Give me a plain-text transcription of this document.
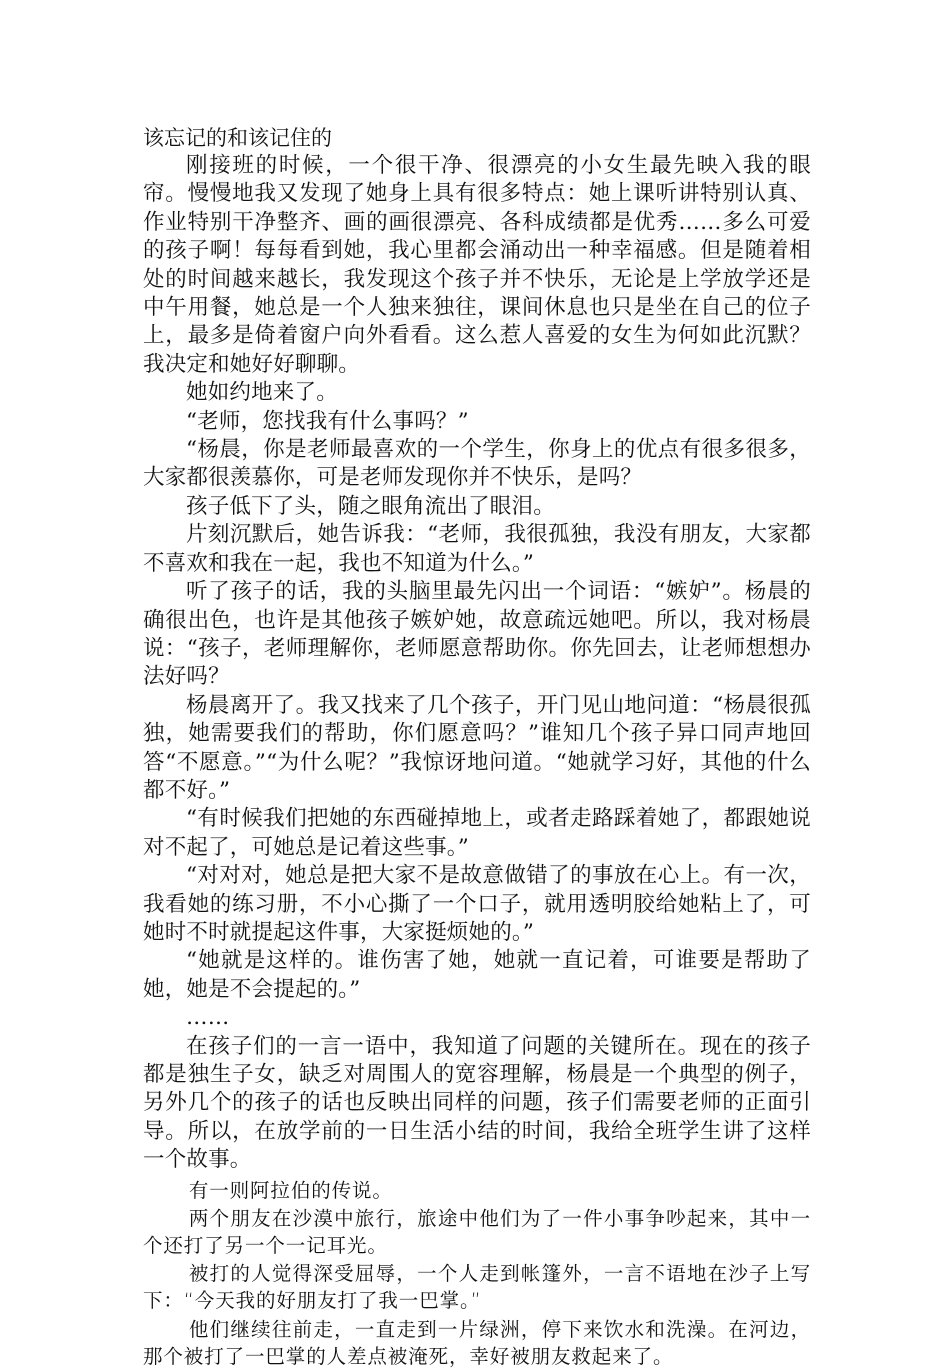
该忘记的和该记住的

刚接班的时候，一个很干净、很漂亮的小女生最先映入我的眼帘。慢慢地我又发现了她身上具有很多特点：她上课听讲特别认真、作业特别干净整齐、画的画很漂亮、各科成绩都是优秀……多么可爱的孩子啊！每每看到她，我心里都会涌动出一种幸福感。但是随着相处的时间越来越长，我发现这个孩子并不快乐，无论是上学放学还是中午用餐，她总是一个人独来独往，课间休息也只是坐在自己的位子上，最多是倚着窗户向外看看。这么惹人喜爱的女生为何如此沉默？我决定和她好好聊聊。

她如约地来了。

“老师，您找我有什么事吗？”

“杨晨，你是老师最喜欢的一个学生，你身上的优点有很多很多，大家都很羡慕你，可是老师发现你并不快乐，是吗？

孩子低下了头，随之眼角流出了眼泪。

片刻沉默后，她告诉我：“老师，我很孤独，我没有朋友，大家都不喜欢和我在一起，我也不知道为什么。”

听了孩子的话，我的头脑里最先闪出一个词语：“嫉妒”。杨晨的确很出色，也许是其他孩子嫉妒她，故意疏远她吧。所以，我对杨晨说：“孩子，老师理解你，老师愿意帮助你。你先回去，让老师想想办法好吗？

杨晨离开了。我又找来了几个孩子，开门见山地问道：“杨晨很孤独，她需要我们的帮助，你们愿意吗？”谁知几个孩子异口同声地回答“不愿意。”“为什么呢？”我惊讶地问道。“她就学习好，其他的什么都不好。”

“有时候我们把她的东西碰掉地上，或者走路踩着她了，都跟她说对不起了，可她总是记着这些事。”

“对对对，她总是把大家不是故意做错了的事放在心上。有一次，我看她的练习册，不小心撕了一个口子，就用透明胶给她粘上了，可她时不时就提起这件事，大家挺烦她的。”

“她就是这样的。谁伤害了她，她就一直记着，可谁要是帮助了她，她是不会提起的。”

……

在孩子们的一言一语中，我知道了问题的关键所在。现在的孩子都是独生子女，缺乏对周围人的宽容理解，杨晨是一个典型的例子，另外几个的孩子的话也反映出同样的问题，孩子们需要老师的正面引导。所以，在放学前的一日生活小结的时间，我给全班学生讲了这样一个故事。

有一则阿拉伯的传说。

两个朋友在沙漠中旅行，旅途中他们为了一件小事争吵起来，其中一个还打了另一个一记耳光。

被打的人觉得深受屈辱，一个人走到帐篷外，一言不语地在沙子上写下：“今天我的好朋友打了我一巴掌。”

他们继续往前走，一直走到一片绿洲，停下来饮水和洗澡。在河边，那个被打了一巴掌的人差点被淹死，幸好被朋友救起来了。
